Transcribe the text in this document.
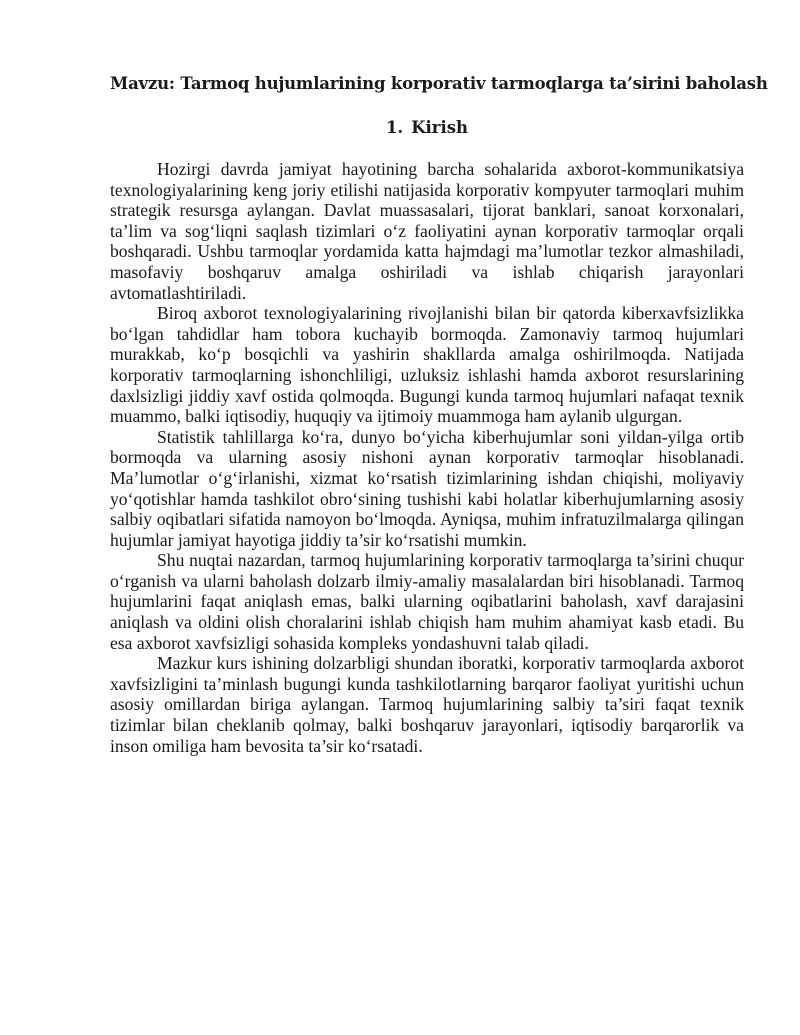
Mavzu: Tarmoq hujumlarining korporativ tarmoqlarga ta’sirini baholash
1. Kirish

Hozirgi davrda jamiyat hayotining barcha sohalarida axborot-kommunikatsiya texnologiyalarining keng joriy etilishi natijasida korporativ kompyuter tarmoqlari muhim strategik resursga aylangan. Davlat muassasalari, tijorat banklari, sanoat korxonalari, ta’lim va sog‘liqni saqlash tizimlari o‘z faoliyatini aynan korporativ tarmoqlar orqali boshqaradi. Ushbu tarmoqlar yordamida katta hajmdagi ma’lumotlar tezkor almashiladi, masofaviy boshqaruv amalga oshiriladi va ishlab chiqarish jarayonlari avtomatlashtiriladi.

Biroq axborot texnologiyalarining rivojlanishi bilan bir qatorda kiberxavfsizlikka bo‘lgan tahdidlar ham tobora kuchayib bormoqda. Zamonaviy tarmoq hujumlari murakkab, ko‘p bosqichli va yashirin shakllarda amalga oshirilmoqda. Natijada korporativ tarmoqlarning ishonchliligi, uzluksiz ishlashi hamda axborot resurslarining daxlsizligi jiddiy xavf ostida qolmoqda. Bugungi kunda tarmoq hujumlari nafaqat texnik muammo, balki iqtisodiy, huquqiy va ijtimoiy muammoga ham aylanib ulgurgan.

Statistik tahlillarga ko‘ra, dunyo bo‘yicha kiberhujumlar soni yildan-yilga ortib bormoqda va ularning asosiy nishoni aynan korporativ tarmoqlar hisoblanadi. Ma’lumotlar o‘g‘irlanishi, xizmat ko‘rsatish tizimlarining ishdan chiqishi, moliyaviy yo‘qotishlar hamda tashkilot obro‘sining tushishi kabi holatlar kiberhujumlarning asosiy salbiy oqibatlari sifatida namoyon bo‘lmoqda. Ayniqsa, muhim infratuzilmalarga qilingan hujumlar jamiyat hayotiga jiddiy ta’sir ko‘rsatishi mumkin.

Shu nuqtai nazardan, tarmoq hujumlarining korporativ tarmoqlarga ta’sirini chuqur o‘rganish va ularni baholash dolzarb ilmiy-amaliy masalalardan biri hisoblanadi. Tarmoq hujumlarini faqat aniqlash emas, balki ularning oqibatlarini baholash, xavf darajasini aniqlash va oldini olish choralarini ishlab chiqish ham muhim ahamiyat kasb etadi. Bu esa axborot xavfsizligi sohasida kompleks yondashuvni talab qiladi.

Mazkur kurs ishining dolzarbligi shundan iboratki, korporativ tarmoqlarda axborot xavfsizligini ta’minlash bugungi kunda tashkilotlarning barqaror faoliyat yuritishi uchun asosiy omillardan biriga aylangan. Tarmoq hujumlarining salbiy ta’siri faqat texnik tizimlar bilan cheklanib qolmay, balki boshqaruv jarayonlari, iqtisodiy barqarorlik va inson omiliga ham bevosita ta’sir ko‘rsatadi.
